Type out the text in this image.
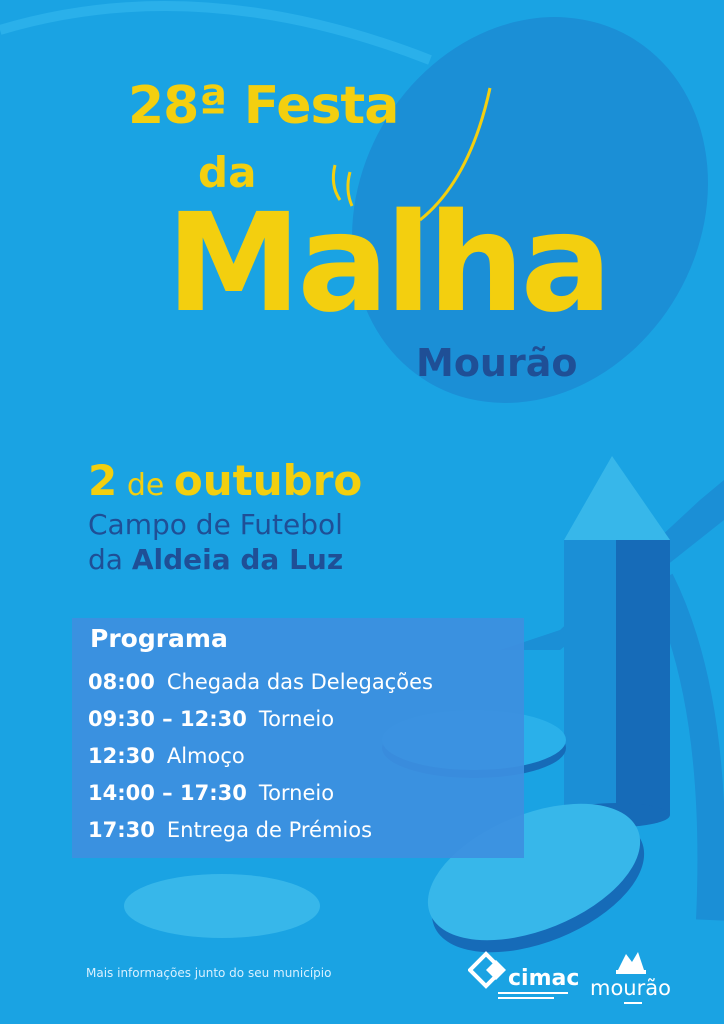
28ª Festa
da
Malha
Mourão
2 de outubro
Campo de Futebol
da Aldeia da Luz
Programa
08:00 Chegada das Delegações
09:30 – 12:30 Torneio
12:30 Almoço
14:00 – 17:30 Torneio
17:30 Entrega de Prémios
Mais informações junto do seu município	cimac mourão
